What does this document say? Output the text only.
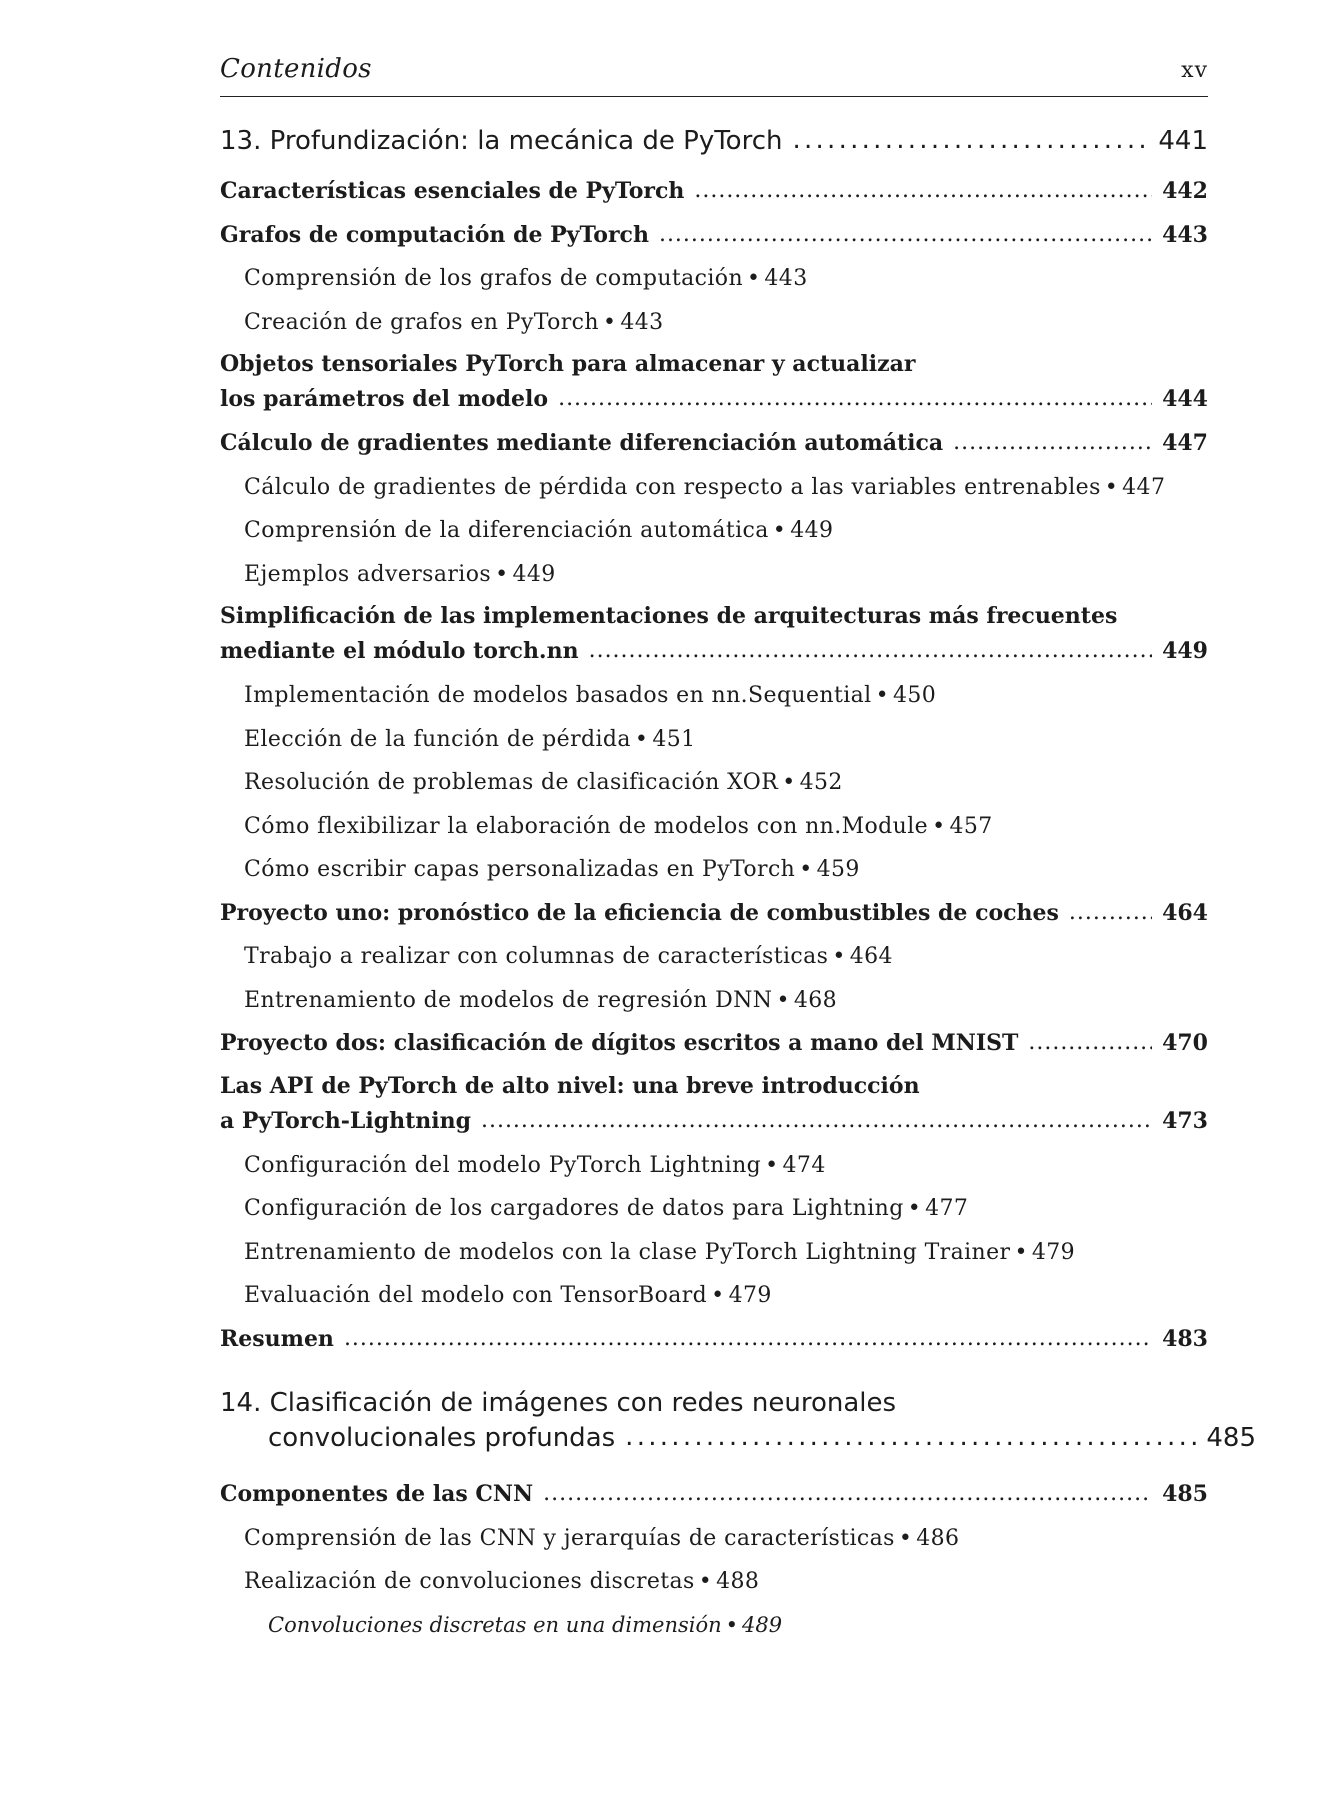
Contenidos	xv
13. Profundización: la mecánica de PyTorch . . .	441
Características esenciales de PyTorch . . .	442
Grafos de computación de PyTorch . . .	443
Comprensión de los grafos de computación • 443
Creación de grafos en PyTorch • 443
Objetos tensoriales PyTorch para almacenar y actualizar
los parámetros del modelo . . .	444
Cálculo de gradientes mediante diferenciación automática . . .	447
Cálculo de gradientes de pérdida con respecto a las variables entrenables • 447
Comprensión de la diferenciación automática • 449
Ejemplos adversarios • 449
Simplificación de las implementaciones de arquitecturas más frecuentes
mediante el módulo torch.nn . . .	449
Implementación de modelos basados en nn.Sequential • 450
Elección de la función de pérdida • 451
Resolución de problemas de clasificación XOR • 452
Cómo flexibilizar la elaboración de modelos con nn.Module • 457
Cómo escribir capas personalizadas en PyTorch • 459
Proyecto uno: pronóstico de la eficiencia de combustibles de coches . . .	464
Trabajo a realizar con columnas de características • 464
Entrenamiento de modelos de regresión DNN • 468
Proyecto dos: clasificación de dígitos escritos a mano del MNIST . . .	470
Las API de PyTorch de alto nivel: una breve introducción
a PyTorch-Lightning . . .	473
Configuración del modelo PyTorch Lightning • 474
Configuración de los cargadores de datos para Lightning • 477
Entrenamiento de modelos con la clase PyTorch Lightning Trainer • 479
Evaluación del modelo con TensorBoard • 479
Resumen . . .	483
14. Clasificación de imágenes con redes neuronales
convolucionales profundas . . .	485
Componentes de las CNN . . .	485
Comprensión de las CNN y jerarquías de características • 486
Realización de convoluciones discretas • 488
Convoluciones discretas en una dimensión • 489
